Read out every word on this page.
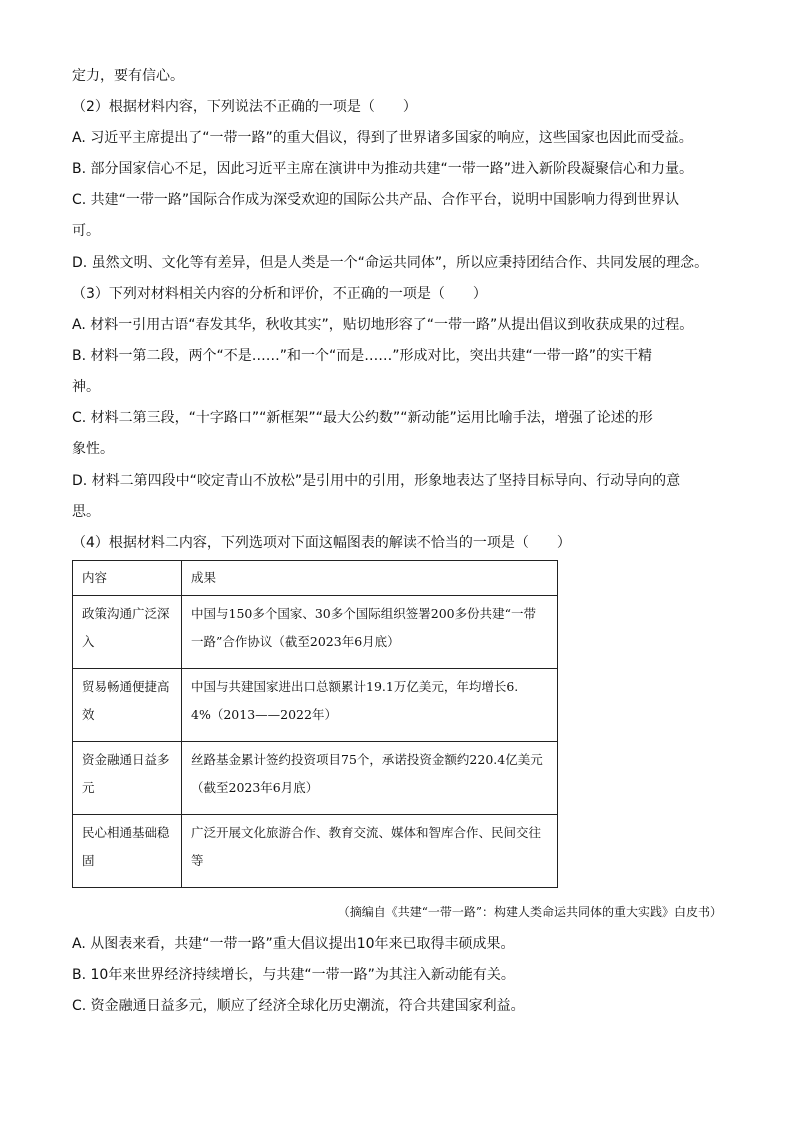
定力，要有信心。
（2）根据材料内容，下列说法不正确的一项是（　　）
A. 习近平主席提出了“一带一路”的重大倡议，得到了世界诸多国家的响应，这些国家也因此而受益。
B. 部分国家信心不足，因此习近平主席在演讲中为推动共建“一带一路”进入新阶段凝聚信心和力量。
C. 共建“一带一路”国际合作成为深受欢迎的国际公共产品、合作平台，说明中国影响力得到世界认
可。
D. 虽然文明、文化等有差异，但是人类是一个“命运共同体”，所以应秉持团结合作、共同发展的理念。
（3）下列对材料相关内容的分析和评价，不正确的一项是（　　）
A. 材料一引用古语“春发其华，秋收其实”，贴切地形容了“一带一路”从提出倡议到收获成果的过程。
B. 材料一第二段，两个“不是……”和一个“而是……”形成对比，突出共建“一带一路”的实干精
神。
C. 材料二第三段，“十字路口”“新框架”“最大公约数”“新动能”运用比喻手法，增强了论述的形
象性。
D. 材料二第四段中“咬定青山不放松”是引用中的引用，形象地表达了坚持目标导向、行动导向的意
思。
（4）根据材料二内容，下列选项对下面这幅图表的解读不恰当的一项是（　　）
内容	成果
政策沟通广泛深入	中国与150多个国家、30多个国际组织签署200多份共建“一带一路”合作协议（截至2023年6月底）
贸易畅通便捷高效	中国与共建国家进出口总额累计19.1万亿美元，年均增长6.4%（2013——2022年）
资金融通日益多元	丝路基金累计签约投资项目75个，承诺投资金额约220.4亿美元（截至2023年6月底）
民心相通基础稳固	广泛开展文化旅游合作、教育交流、媒体和智库合作、民间交往等
（摘编自《共建“一带一路”：构建人类命运共同体的重大实践》白皮书）
A. 从图表来看，共建“一带一路”重大倡议提出10年来已取得丰硕成果。
B. 10年来世界经济持续增长，与共建“一带一路”为其注入新动能有关。
C. 资金融通日益多元，顺应了经济全球化历史潮流，符合共建国家利益。
